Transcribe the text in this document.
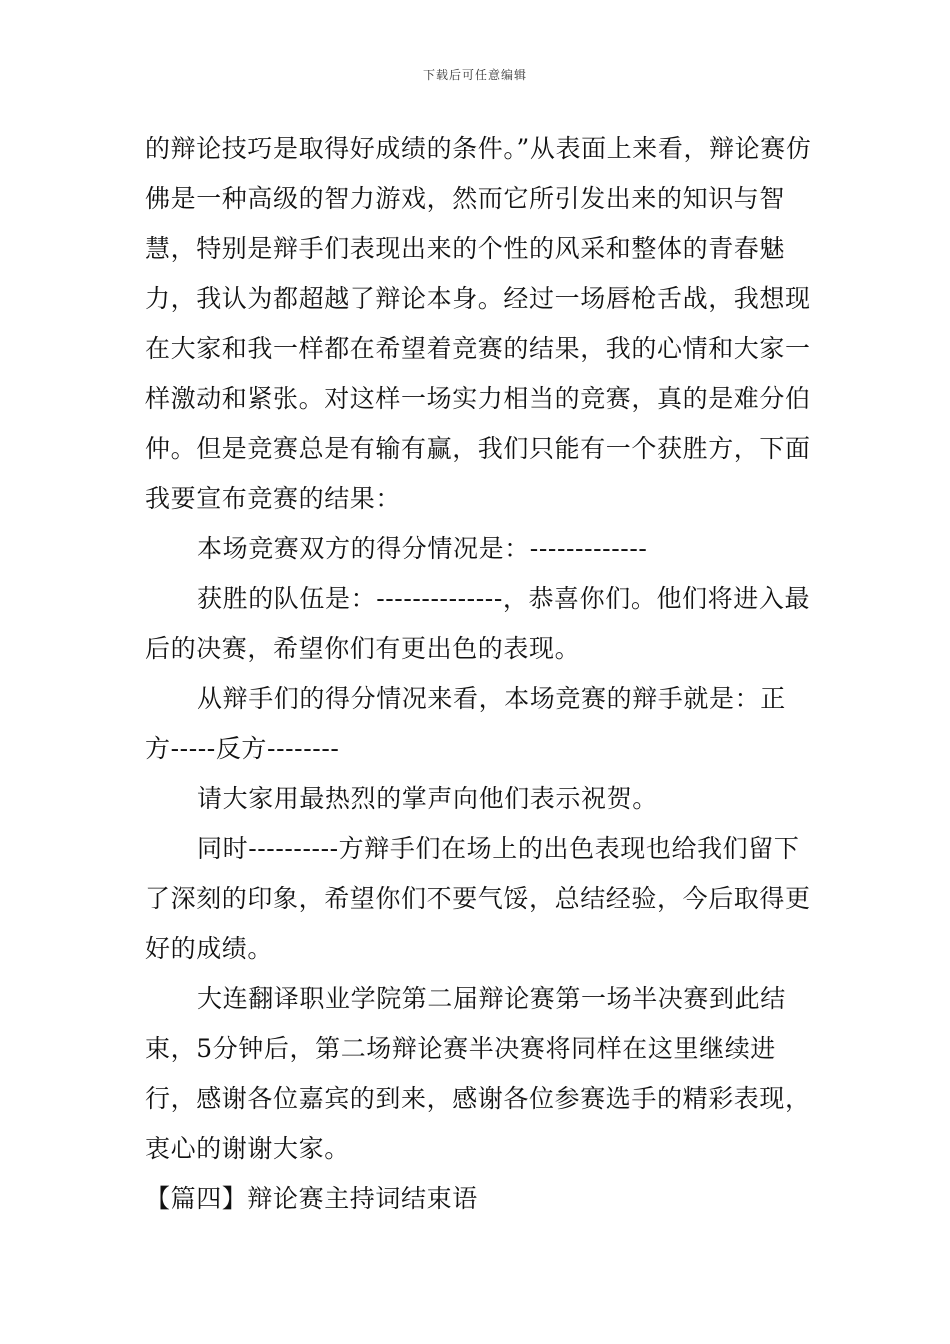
下载后可任意编辑

的辩论技巧是取得好成绩的条件。”从表面上来看，辩论赛仿佛是一种高级的智力游戏，然而它所引发出来的知识与智慧，特别是辩手们表现出来的个性的风采和整体的青春魅力，我认为都超越了辩论本身。经过一场唇枪舌战，我想现在大家和我一样都在希望着竞赛的结果，我的心情和大家一样激动和紧张。对这样一场实力相当的竞赛，真的是难分伯仲。但是竞赛总是有输有赢，我们只能有一个获胜方，下面我要宣布竞赛的结果：

本场竞赛双方的得分情况是：-------------

获胜的队伍是：--------------，恭喜你们。他们将进入最后的决赛，希望你们有更出色的表现。

从辩手们的得分情况来看，本场竞赛的辩手就是：正方-----反方--------

请大家用最热烈的掌声向他们表示祝贺。

同时----------方辩手们在场上的出色表现也给我们留下了深刻的印象，希望你们不要气馁，总结经验，今后取得更好的成绩。

大连翻译职业学院第二届辩论赛第一场半决赛到此结束，5分钟后，第二场辩论赛半决赛将同样在这里继续进行，感谢各位嘉宾的到来，感谢各位参赛选手的精彩表现，衷心的谢谢大家。

【篇四】辩论赛主持词结束语
